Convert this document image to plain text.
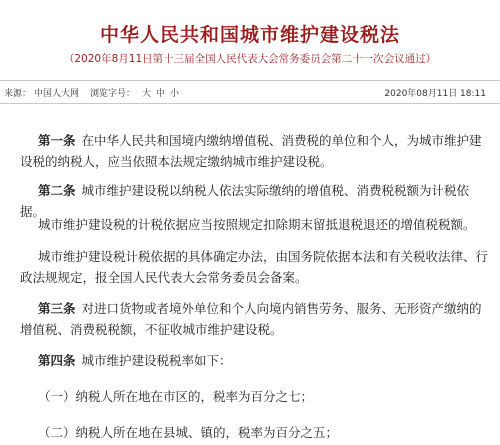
中华人民共和国城市维护建设税法
（2020年8月11日第十三届全国人民代表大会常务委员会第二十一次会议通过）
来源： 中国人大网 浏览字号： 大 中 小	2020年08月11日 18:11
第一条 在中华人民共和国境内缴纳增值税、消费税的单位和个人，为城市维护建设税的纳税人，应当依照本法规定缴纳城市维护建设税。
第二条 城市维护建设税以纳税人依法实际缴纳的增值税、消费税税额为计税依据。
城市维护建设税的计税依据应当按照规定扣除期末留抵退税退还的增值税税额。
城市维护建设税计税依据的具体确定办法，由国务院依据本法和有关税收法律、行政法规规定，报全国人民代表大会常务委员会备案。
第三条 对进口货物或者境外单位和个人向境内销售劳务、服务、无形资产缴纳的增值税、消费税税额，不征收城市维护建设税。
第四条 城市维护建设税税率如下：
（一）纳税人所在地在市区的，税率为百分之七；
（二）纳税人所在地在县城、镇的，税率为百分之五；
